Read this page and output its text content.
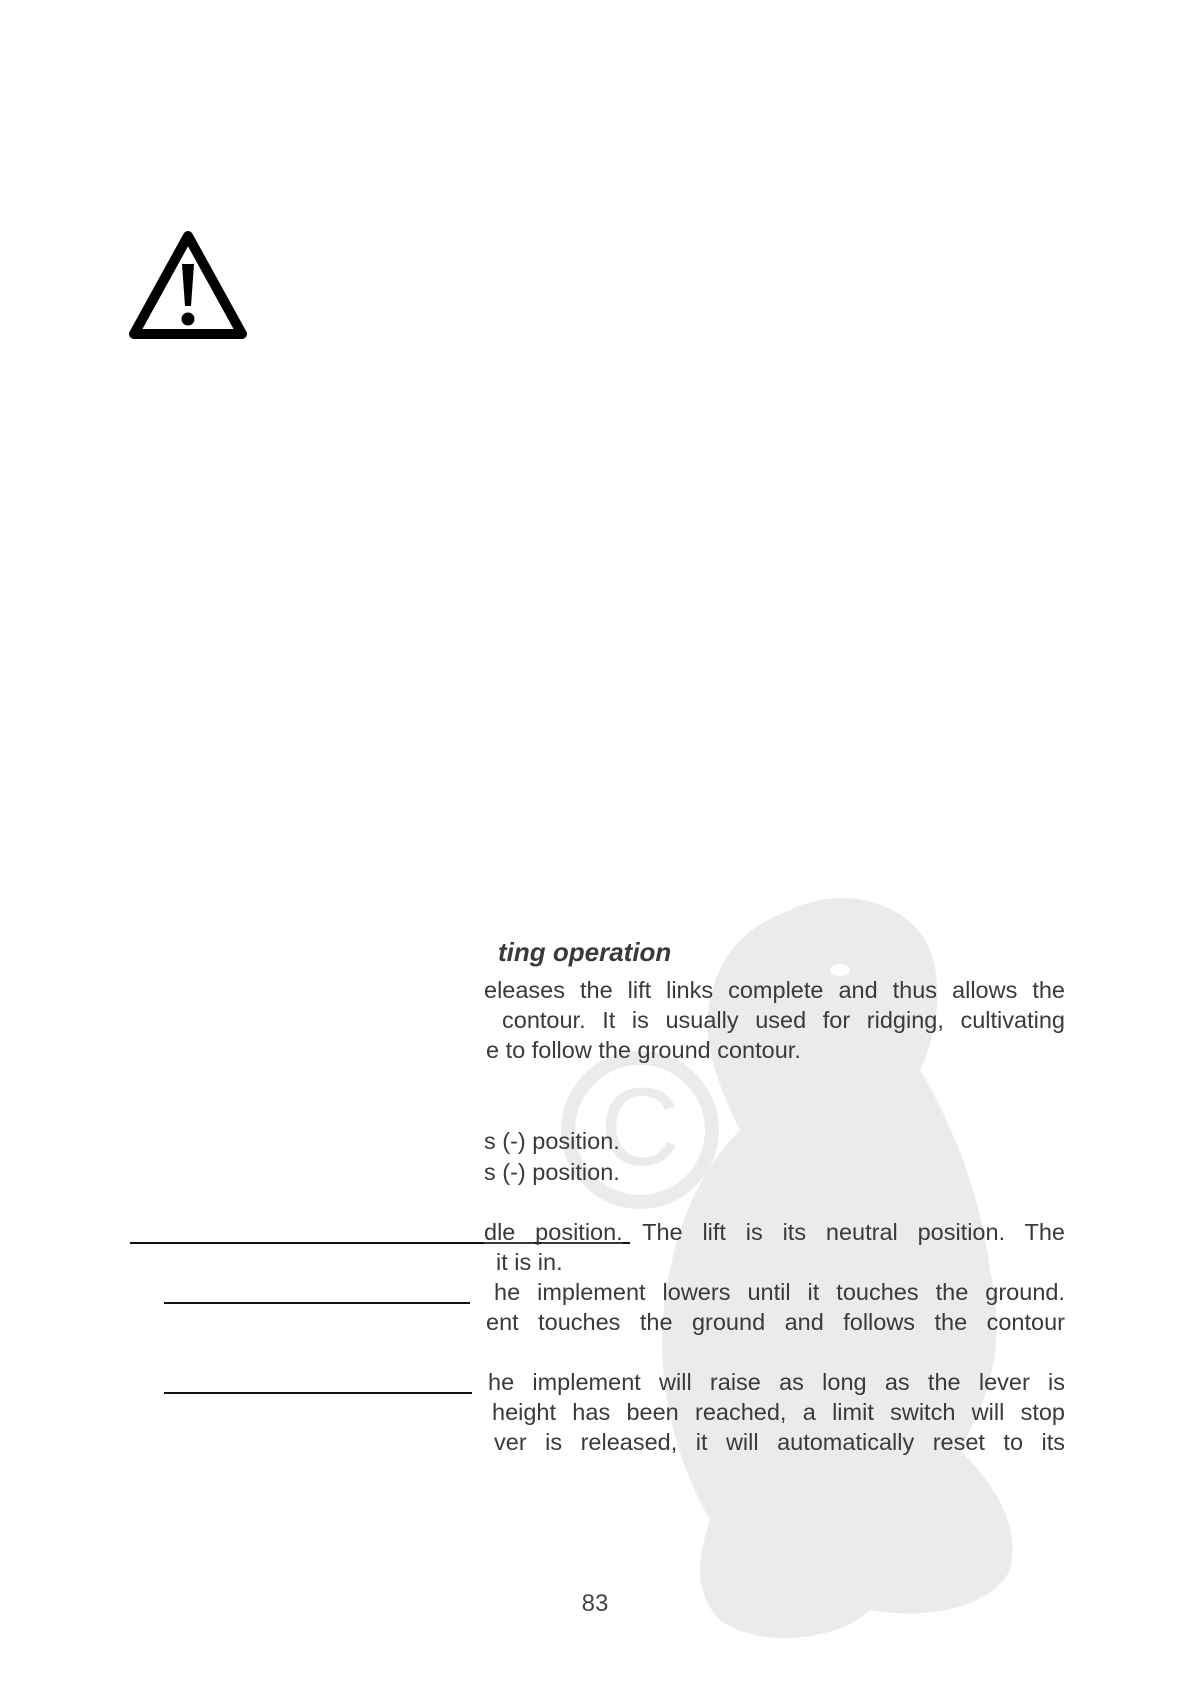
C
ting operation
eleases the lift links complete and thus allows the
contour. It is usually used for ridging, cultivating
e to follow the ground contour.
s (-) position.
s (-) position.
dle position. The lift is its neutral position. The
it is in.
he implement lowers until it touches the ground.
ent touches the ground and follows the contour
he implement will raise as long as the lever is
height has been reached, a limit switch will stop
ver is released, it will automatically reset to its
83
